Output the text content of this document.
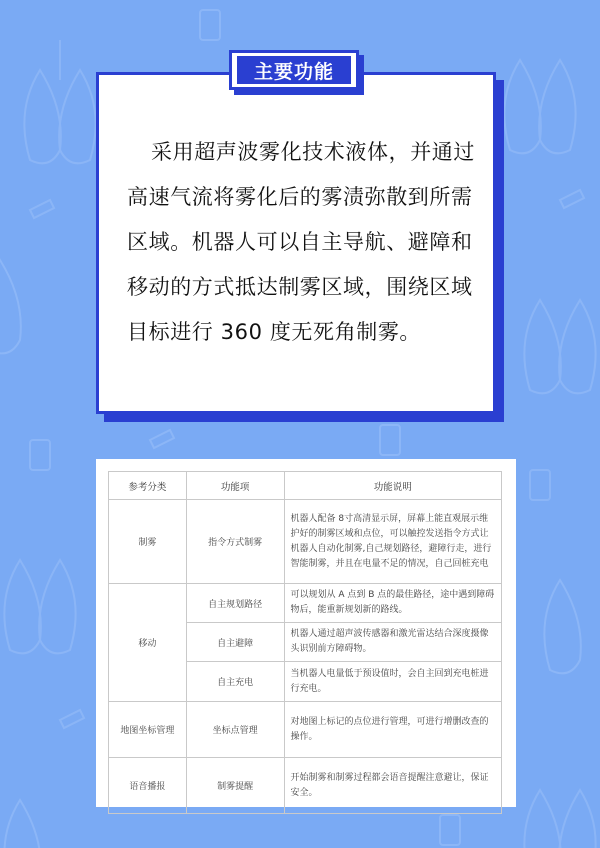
主要功能

采用超声波雾化技术液体，并通过高速气流将雾化后的雾渍弥散到所需区域。机器人可以自主导航、避障和移动的方式抵达制雾区域，围绕区域目标进行 360 度无死角制雾。

参考分类	功能项	功能说明
制雾	指令方式制雾	机器人配备 8寸高清显示屏，屏幕上能直观展示维护好的制雾区域和点位，可以触控发送指令方式让机器人自动化制雾,自己规划路径，避障行走，进行智能制雾，并且在电量不足的情况，自己回桩充电
移动	自主规划路径	可以规划从 A 点到 B 点的最佳路径，途中遇到障碍物后，能重新规划新的路线。
	自主避障	机器人通过超声波传感器和激光雷达结合深度摄像头识别前方障碍物。
	自主充电	当机器人电量低于预设值时，会自主回到充电桩进行充电。
地图坐标管理	坐标点管理	对地图上标记的点位进行管理，可进行增删改查的操作。
语音播报	制雾提醒	开始制雾和制雾过程都会语音提醒注意避让，保证安全。
